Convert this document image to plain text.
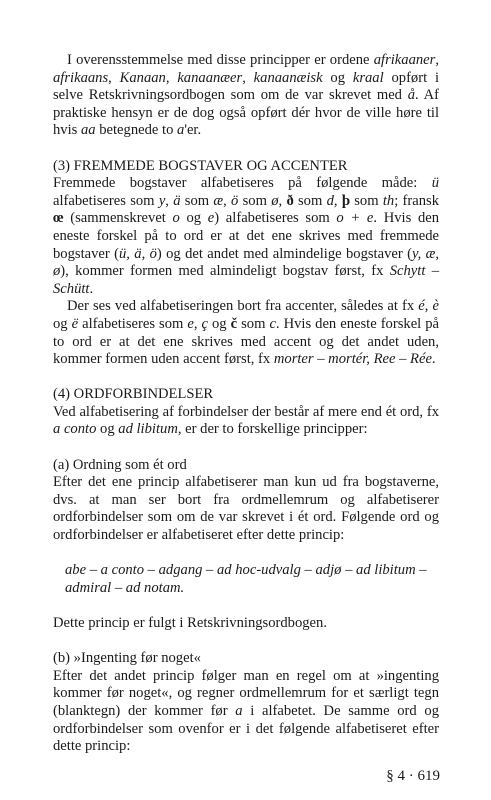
I overensstemmelse med disse principper er ordene afrikaaner, afrikaans, Kanaan, kanaanæer, kanaanæisk og kraal opført i selve Retskrivningsordbogen som om de var skrevet med å. Af praktiske hensyn er de dog også opført dér hvor de ville høre til hvis aa betegnede to a'er.

(3) FREMMEDE BOGSTAVER OG ACCENTER

Fremmede bogstaver alfabetiseres på følgende måde: ü alfabetiseres som y, ä som æ, ö som ø, ð som d, þ som th; fransk œ (sammenskrevet o og e) alfabetiseres som o + e. Hvis den eneste forskel på to ord er at det ene skrives med fremmede bogstaver (ü, ä, ö) og det andet med almindelige bogstaver (y, æ, ø), kommer formen med almindeligt bogstav først, fx Schytt – Schütt.

Der ses ved alfabetiseringen bort fra accenter, således at fx é, è og ë alfabetiseres som e, ç og č som c. Hvis den eneste forskel på to ord er at det ene skrives med accent og det andet uden, kommer formen uden accent først, fx morter – mortér, Ree – Rée.

(4) ORDFORBINDELSER

Ved alfabetisering af forbindelser der består af mere end ét ord, fx a conto og ad libitum, er der to forskellige principper:

(a) Ordning som ét ord

Efter det ene princip alfabetiserer man kun ud fra bogstaverne, dvs. at man ser bort fra ordmellemrum og alfabetiserer ordforbindelser som om de var skrevet i ét ord. Følgende ord og ordforbindelser er alfabetiseret efter dette princip:

abe – a conto – adgang – ad hoc-udvalg – adjø – ad libitum – admiral – ad notam.

Dette princip er fulgt i Retskrivningsordbogen.

(b) »Ingenting før noget«

Efter det andet princip følger man en regel om at »ingenting kommer før noget«, og regner ordmellemrum for et særligt tegn (blanktegn) der kommer før a i alfabetet. De samme ord og ordforbindelser som ovenfor er i det følgende alfabetiseret efter dette princip:

§ 4 · 619
